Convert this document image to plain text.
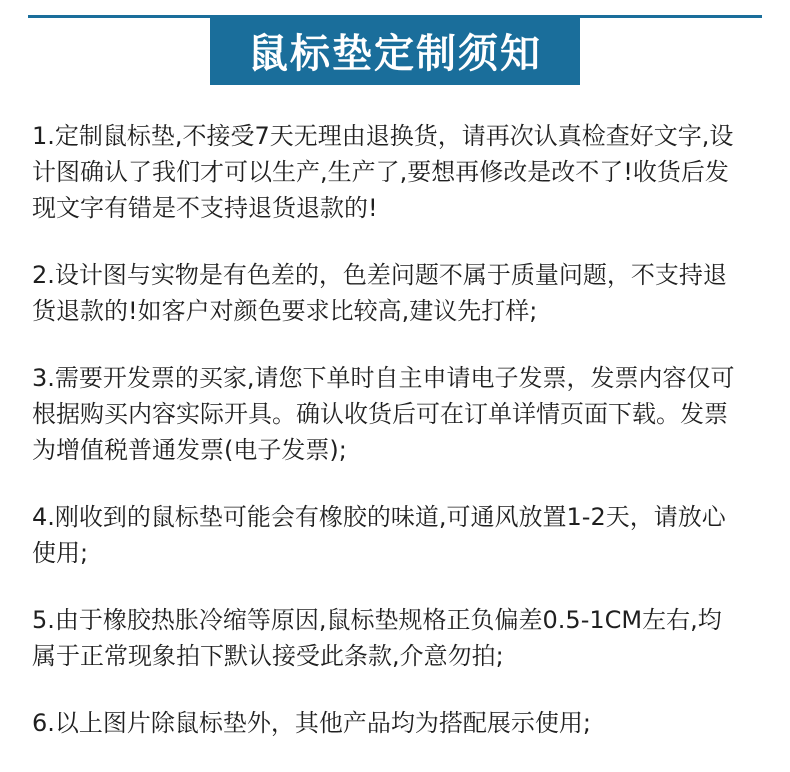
鼠标垫定制须知

1.定制鼠标垫,不接受7天无理由退换货，请再次认真检查好文字,设计图确认了我们才可以生产,生产了,要想再修改是改不了!收货后发现文字有错是不支持退货退款的!

2.设计图与实物是有色差的，色差问题不属于质量问题，不支持退货退款的!如客户对颜色要求比较高,建议先打样;

3.需要开发票的买家,请您下单时自主申请电子发票，发票内容仅可根据购买内容实际开具。确认收货后可在订单详情页面下载。发票为增值税普通发票(电子发票);

4.刚收到的鼠标垫可能会有橡胶的味道,可通风放置1-2天，请放心使用;

5.由于橡胶热胀冷缩等原因,鼠标垫规格正负偏差0.5-1CM左右,均属于正常现象拍下默认接受此条款,介意勿拍;

6.以上图片除鼠标垫外，其他产品均为搭配展示使用;
